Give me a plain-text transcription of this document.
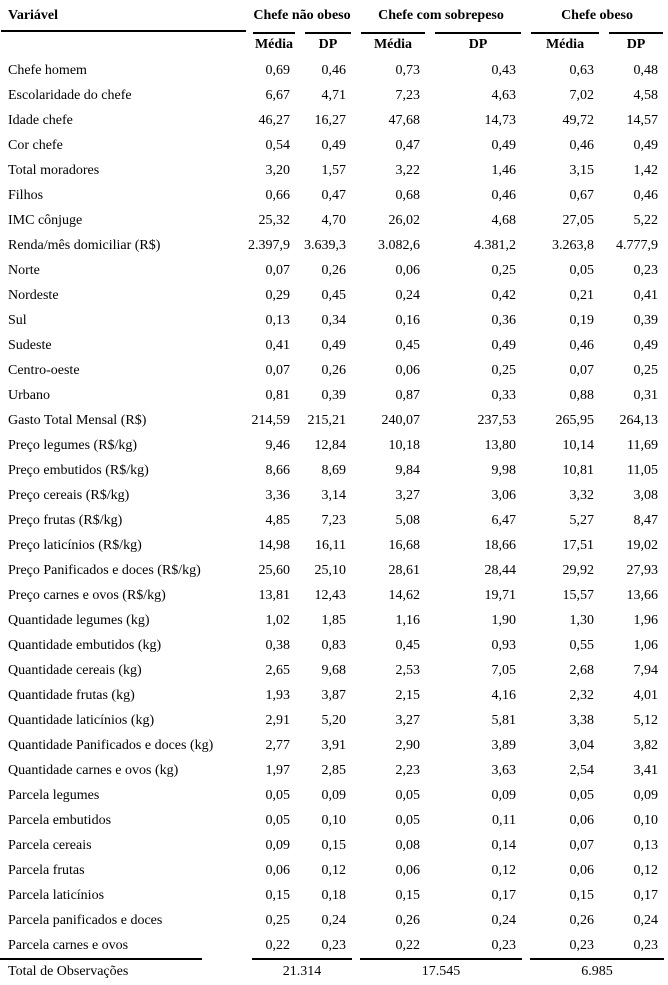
Variável	Chefe não obeso		Chefe com sobrepeso		Chefe obeso	
	Média	DP	Média	DP	Média	DP
Chefe homem	0,69	0,46	0,73	0,43	0,63	0,48
Escolaridade do chefe	6,67	4,71	7,23	4,63	7,02	4,58
Idade chefe	46,27	16,27	47,68	14,73	49,72	14,57
Cor chefe	0,54	0,49	0,47	0,49	0,46	0,49
Total moradores	3,20	1,57	3,22	1,46	3,15	1,42
Filhos	0,66	0,47	0,68	0,46	0,67	0,46
IMC cônjuge	25,32	4,70	26,02	4,68	27,05	5,22
Renda/mês domiciliar (R$)	2.397,9	3.639,3	3.082,6	4.381,2	3.263,8	4.777,9
Norte	0,07	0,26	0,06	0,25	0,05	0,23
Nordeste	0,29	0,45	0,24	0,42	0,21	0,41
Sul	0,13	0,34	0,16	0,36	0,19	0,39
Sudeste	0,41	0,49	0,45	0,49	0,46	0,49
Centro-oeste	0,07	0,26	0,06	0,25	0,07	0,25
Urbano	0,81	0,39	0,87	0,33	0,88	0,31
Gasto Total Mensal (R$)	214,59	215,21	240,07	237,53	265,95	264,13
Preço legumes (R$/kg)	9,46	12,84	10,18	13,80	10,14	11,69
Preço embutidos (R$/kg)	8,66	8,69	9,84	9,98	10,81	11,05
Preço cereais (R$/kg)	3,36	3,14	3,27	3,06	3,32	3,08
Preço frutas (R$/kg)	4,85	7,23	5,08	6,47	5,27	8,47
Preço laticínios (R$/kg)	14,98	16,11	16,68	18,66	17,51	19,02
Preço Panificados e doces (R$/kg)	25,60	25,10	28,61	28,44	29,92	27,93
Preço carnes e ovos (R$/kg)	13,81	12,43	14,62	19,71	15,57	13,66
Quantidade legumes (kg)	1,02	1,85	1,16	1,90	1,30	1,96
Quantidade embutidos (kg)	0,38	0,83	0,45	0,93	0,55	1,06
Quantidade cereais (kg)	2,65	9,68	2,53	7,05	2,68	7,94
Quantidade frutas (kg)	1,93	3,87	2,15	4,16	2,32	4,01
Quantidade laticínios (kg)	2,91	5,20	3,27	5,81	3,38	5,12
Quantidade Panificados e doces (kg)	2,77	3,91	2,90	3,89	3,04	3,82
Quantidade carnes e ovos (kg)	1,97	2,85	2,23	3,63	2,54	3,41
Parcela legumes	0,05	0,09	0,05	0,09	0,05	0,09
Parcela embutidos	0,05	0,10	0,05	0,11	0,06	0,10
Parcela cereais	0,09	0,15	0,08	0,14	0,07	0,13
Parcela frutas	0,06	0,12	0,06	0,12	0,06	0,12
Parcela laticínios	0,15	0,18	0,15	0,17	0,15	0,17
Parcela panificados e doces	0,25	0,24	0,26	0,24	0,26	0,24
Parcela carnes e ovos	0,22	0,23	0,22	0,23	0,23	0,23
Total de Observações	21.314		17.545		6.985	
